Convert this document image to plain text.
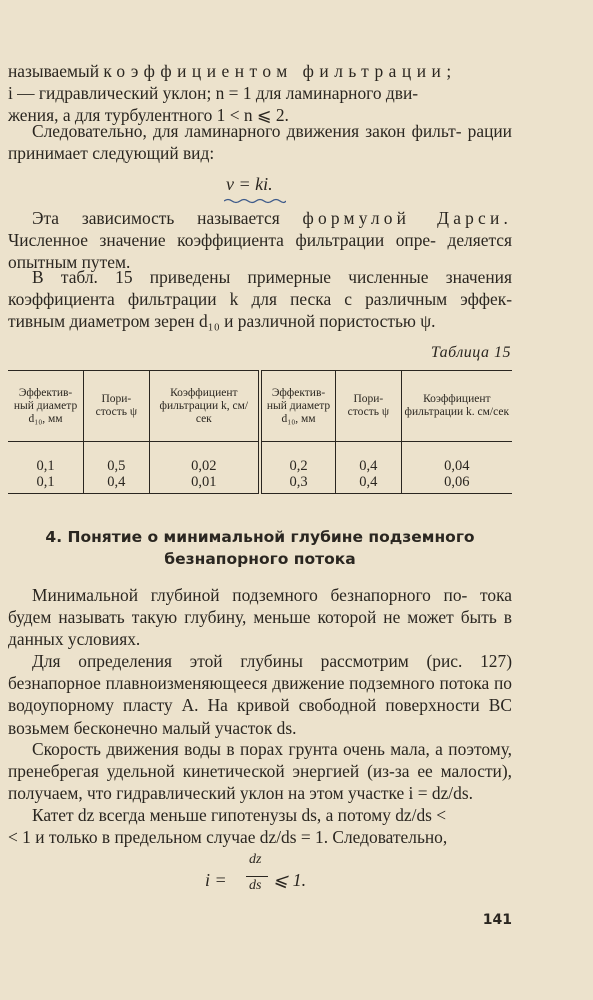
называемый коэффициентом фильтрации;
i — гидравлический уклон; n = 1 для ламинарного дви-
жения, а для турбулентного 1 < n ⩽ 2.

Следовательно, для ламинарного движения закон фильт- рации принимает следующий вид:

v = ki.

Эта зависимость называется формулой Дарси. Численное значение коэффициента фильтрации опре- деляется опытным путем.

В табл. 15 приведены примерные численные значения коэффициента фильтрации k для песка с различным эффек- тивным диаметром зерен d₁₀ и различной пористостью ψ.

Таблица 15
Эффектив- ный диаметр d₁₀, мм	Пори- стость ψ	Коэффициент фильтрации k, см/сек	Эффектив- ный диаметр d₁₀, мм	Пори- стость ψ	Коэффициент фильтрации k. см/сек
0,1	0,5	0,02	0,2	0,4	0,04
0,1	0,4	0,01	0,3	0,4	0,06
4. Понятие о минимальной глубине подземного
безнапорного потока

Минимальной глубиной подземного безнапорного по- тока будем называть такую глубину, меньше которой не может быть в данных условиях.

Для определения этой глубины рассмотрим (рис. 127) безнапорное плавноизменяющееся движение подземного потока по водоупорному пласту A. На кривой свободной поверхности BC возьмем бесконечно малый участок ds.

Скорость движения воды в порах грунта очень мала, а поэтому, пренебрегая удельной кинетической энергией (из-за ее малости), получаем, что гидравлический уклон на этом участке i = dz/ds.

Катет dz всегда меньше гипотенузы ds, а потому dz/ds <
< 1 и только в предельном случае dz/ds = 1. Следовательно,

i =
dz
ds ⩽ 1.
141
